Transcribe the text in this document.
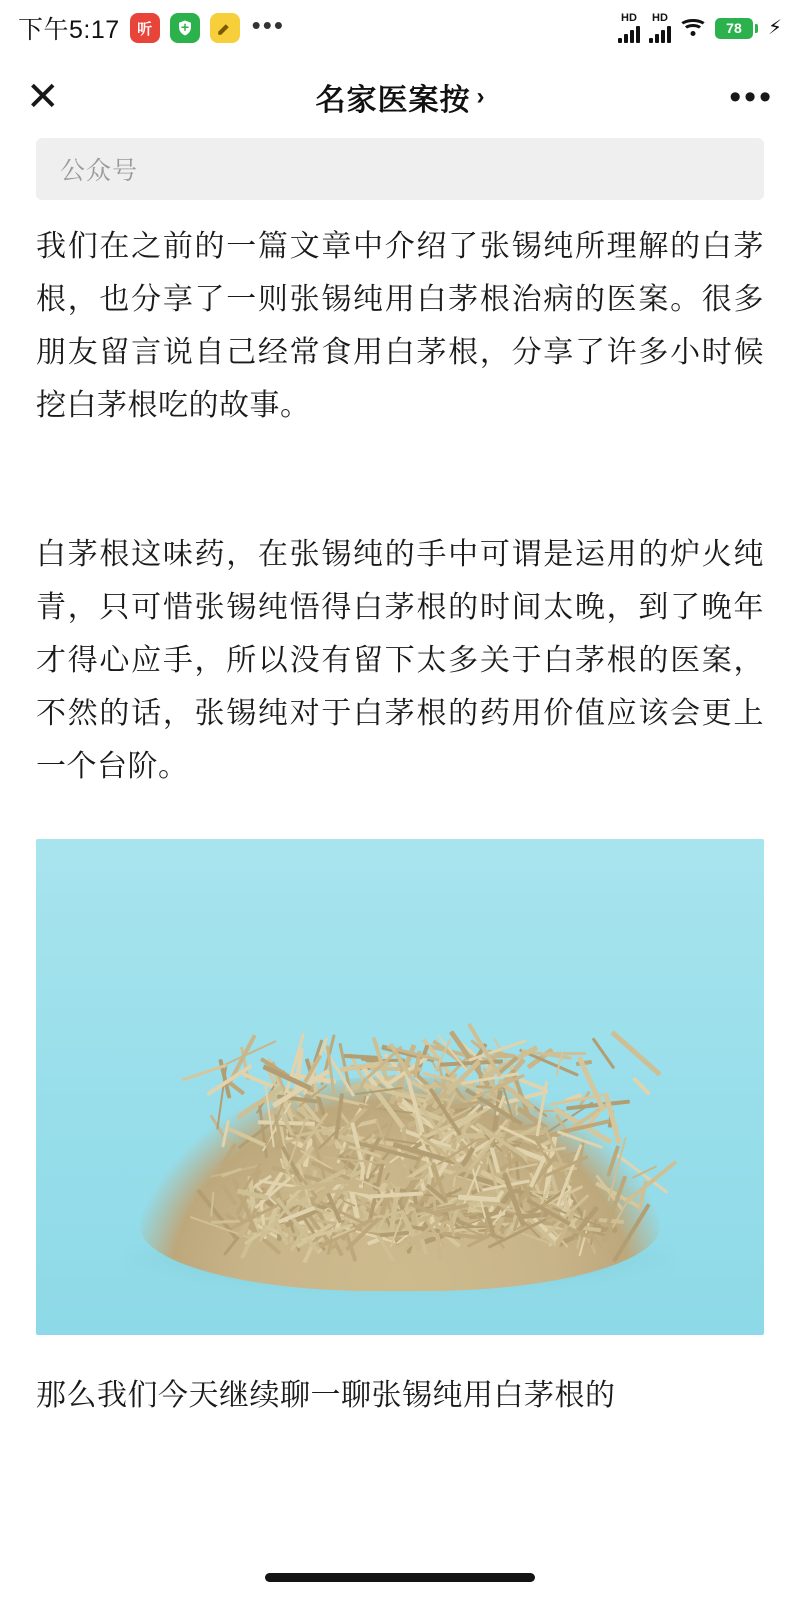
下午5:17	听	•••	HD HD
78	⚡
✕	名家医案按 ›	•••
公众号

我们在之前的一篇文章中介绍了张锡纯所理解的白茅根，也分享了一则张锡纯用白茅根治病的医案。很多朋友留言说自己经常食用白茅根，分享了许多小时候挖白茅根吃的故事。

白茅根这味药，在张锡纯的手中可谓是运用的炉火纯青，只可惜张锡纯悟得白茅根的时间太晚，到了晚年才得心应手，所以没有留下太多关于白茅根的医案，不然的话，张锡纯对于白茅根的药用价值应该会更上一个台阶。

那么我们今天继续聊一聊张锡纯用白茅根的
